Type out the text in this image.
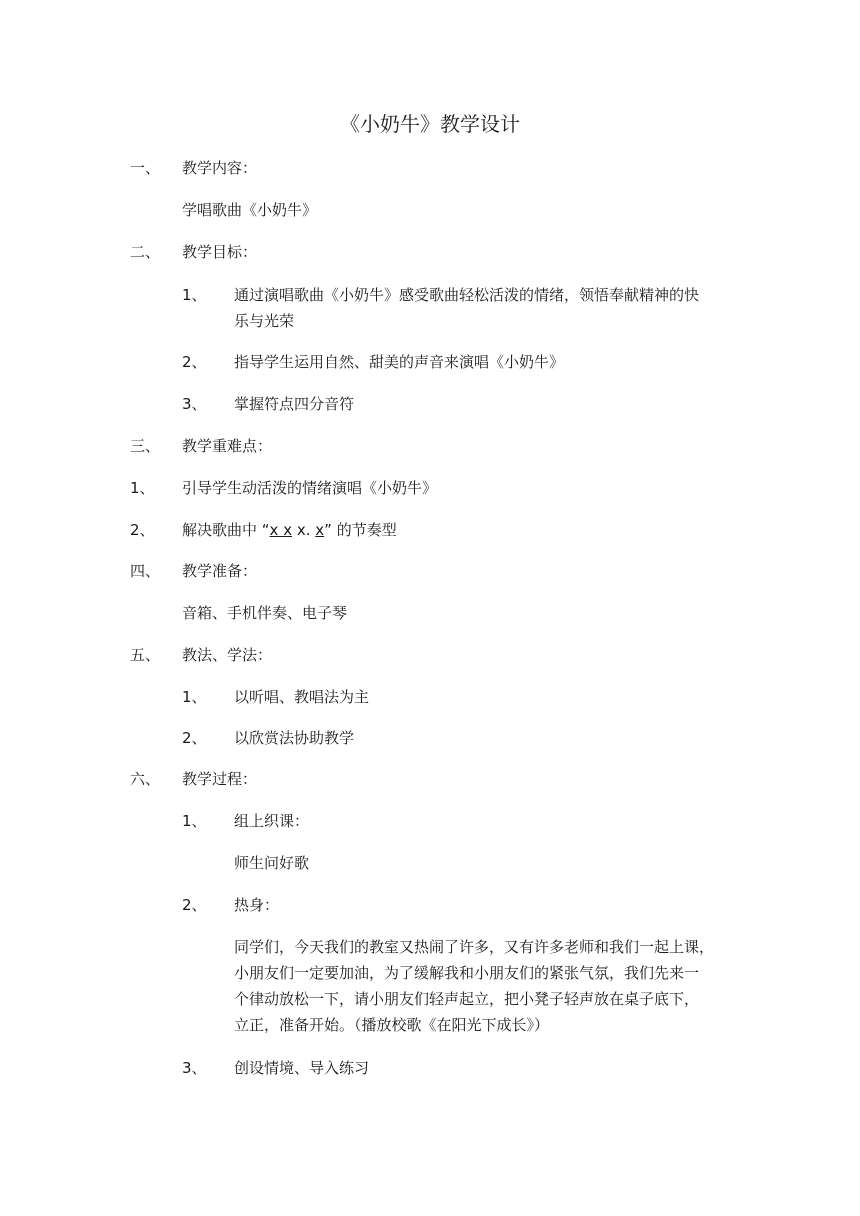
《小奶牛》教学设计
一、 教学内容：
学唱歌曲《小奶牛》
二、 教学目标：
1、 通过演唱歌曲《小奶牛》感受歌曲轻松活泼的情绪，领悟奉献精神的快
乐与光荣
2、 指导学生运用自然、甜美的声音来演唱《小奶牛》
3、 掌握符点四分音符
三、 教学重难点：
1、 引导学生动活泼的情绪演唱《小奶牛》
2、 解决歌曲中 “x x x. x” 的节奏型
四、 教学准备：
音箱、手机伴奏、电子琴
五、 教法、学法：
1、 以听唱、教唱法为主
2、 以欣赏法协助教学
六、 教学过程：
1、 组上织课：
师生问好歌
2、 热身：
同学们，今天我们的教室又热闹了许多，又有许多老师和我们一起上课，
小朋友们一定要加油，为了缓解我和小朋友们的紧张气氛，我们先来一
个律动放松一下，请小朋友们轻声起立，把小凳子轻声放在桌子底下，
立正，准备开始。（播放校歌《在阳光下成长》）
3、 创设情境、导入练习
